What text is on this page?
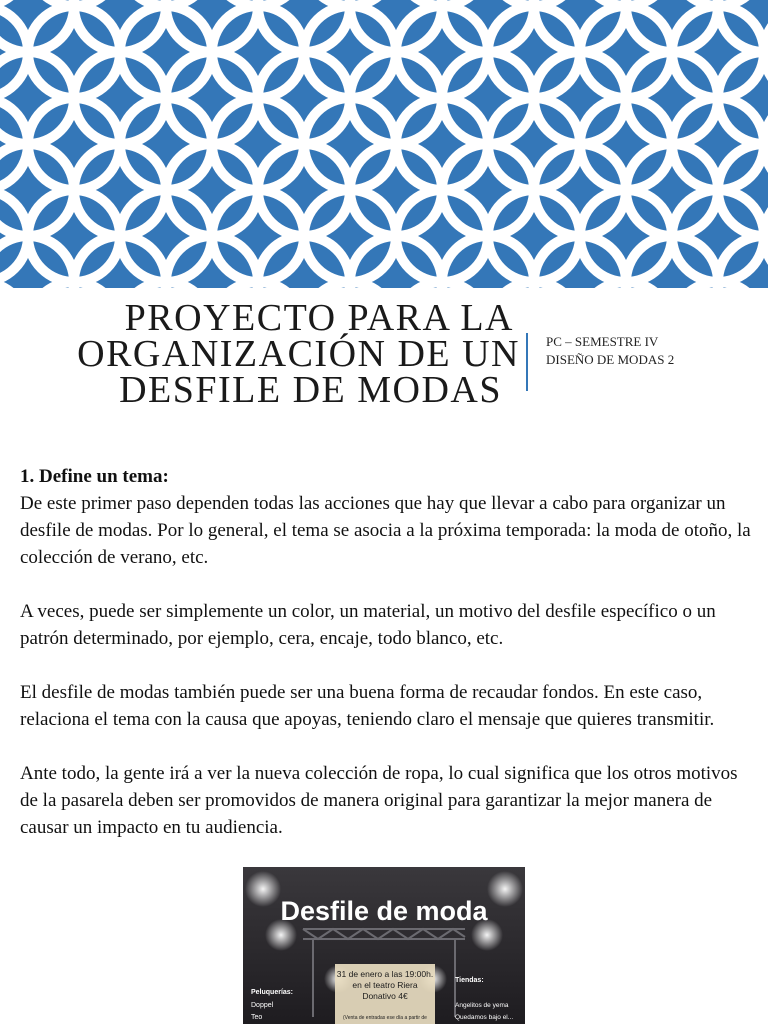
PROYECTO PARA LA
ORGANIZACIÓN DE UN
DESFILE DE MODAS
PC – SEMESTRE IV
DISEÑO DE MODAS 2
1. Define un tema:

De este primer paso dependen todas las acciones que hay que llevar a cabo para organizar un desfile de modas. Por lo general, el tema se asocia a la próxima temporada: la moda de otoño, la colección de verano, etc.

A veces, puede ser simplemente un color, un material, un motivo del desfile específico o un patrón determinado, por ejemplo, cera, encaje, todo blanco, etc.

El desfile de modas también puede ser una buena forma de recaudar fondos. En este caso, relaciona el tema con la causa que apoyas, teniendo claro el mensaje que quieres transmitir.

Ante todo, la gente irá a ver la nueva colección de ropa, lo cual significa que los otros motivos de la pasarela deben ser promovidos de manera original para garantizar la mejor manera de causar un impacto en tu audiencia.

Desfile de moda
31 de enero a las 19:00h.
en el teatro Riera
Donativo 4€
(Venta de entradas ese día a partir de
Peluquerías:
Doppel
Teo
Tiendas:
Angelitos de yema
Quedamos bajo el...
